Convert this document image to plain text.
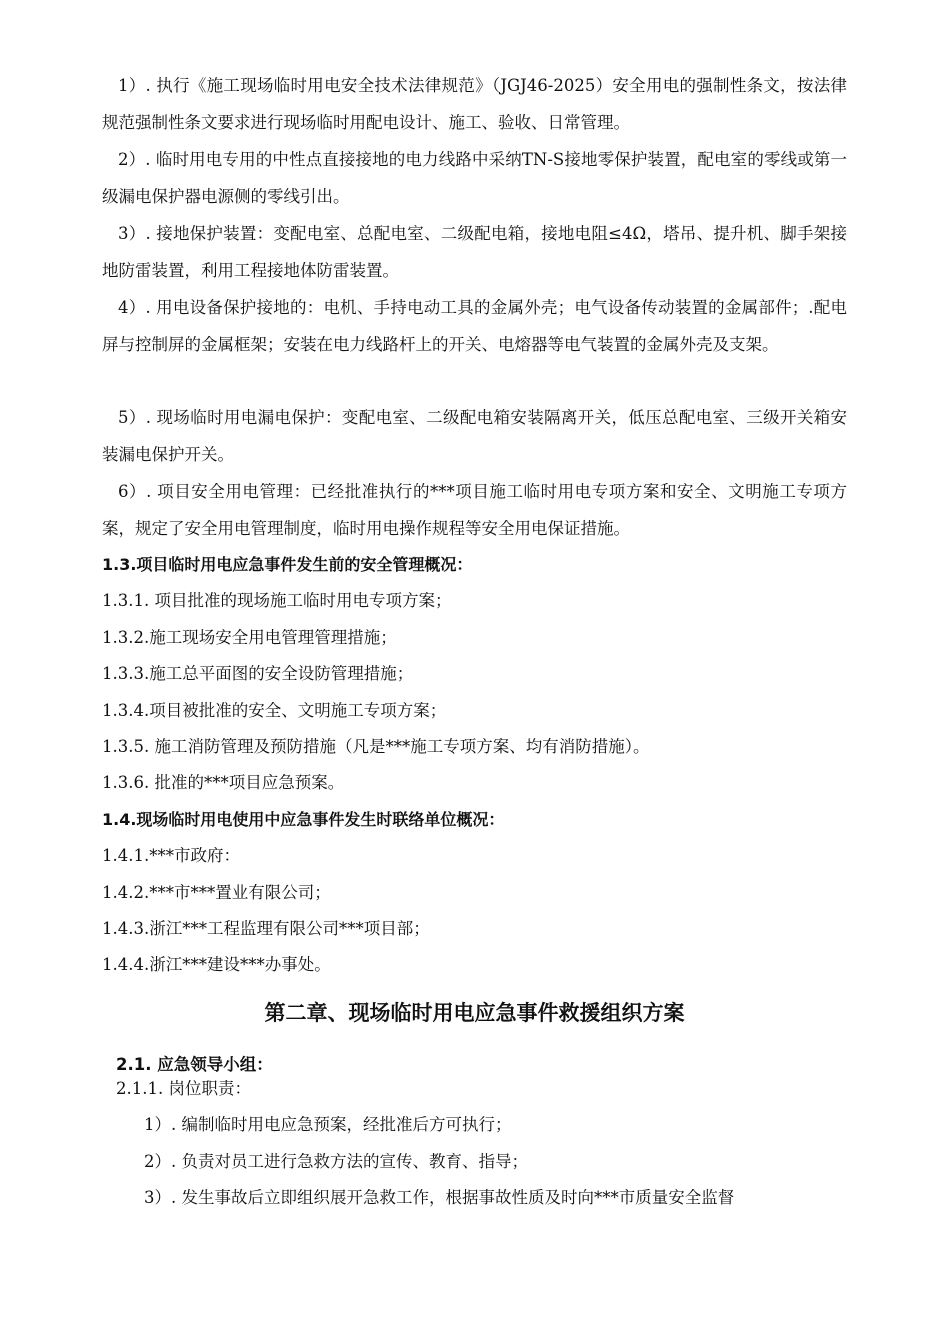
1）. 执行《施工现场临时用电安全技术法律规范》（JGJ46-2025）安全用电的强制性条文，按法律规范强制性条文要求进行现场临时用配电设计、施工、验收、日常管理。

2）. 临时用电专用的中性点直接接地的电力线路中采纳TN-S接地零保护装置，配电室的零线或第一级漏电保护器电源侧的零线引出。

3）. 接地保护装置：变配电室、总配电室、二级配电箱，接地电阻≤4Ω，塔吊、提升机、脚手架接地防雷装置，利用工程接地体防雷装置。

4）. 用电设备保护接地的：电机、手持电动工具的金属外壳；电气设备传动装置的金属部件；.配电屏与控制屏的金属框架；安装在电力线路杆上的开关、电熔器等电气装置的金属外壳及支架。

5）. 现场临时用电漏电保护：变配电室、二级配电箱安装隔离开关，低压总配电室、三级开关箱安装漏电保护开关。

6）. 项目安全用电管理：已经批准执行的***项目施工临时用电专项方案和安全、文明施工专项方案，规定了安全用电管理制度，临时用电操作规程等安全用电保证措施。

1.3.项目临时用电应急事件发生前的安全管理概况：

1.3.1. 项目批准的现场施工临时用电专项方案；

1.3.2.施工现场安全用电管理管理措施；

1.3.3.施工总平面图的安全设防管理措施；

1.3.4.项目被批准的安全、文明施工专项方案；

1.3.5. 施工消防管理及预防措施（凡是***施工专项方案、均有消防措施）。

1.3.6. 批准的***项目应急预案。

1.4.现场临时用电使用中应急事件发生时联络单位概况：

1.4.1.***市政府：

1.4.2.***市***置业有限公司；

1.4.3.浙江***工程监理有限公司***项目部；

1.4.4.浙江***建设***办事处。

第二章、现场临时用电应急事件救援组织方案

2.1. 应急领导小组：

2.1.1. 岗位职责：

1）. 编制临时用电应急预案，经批准后方可执行；

2）. 负责对员工进行急救方法的宣传、教育、指导；

3）. 发生事故后立即组织展开急救工作，根据事故性质及时向***市质量安全监督
